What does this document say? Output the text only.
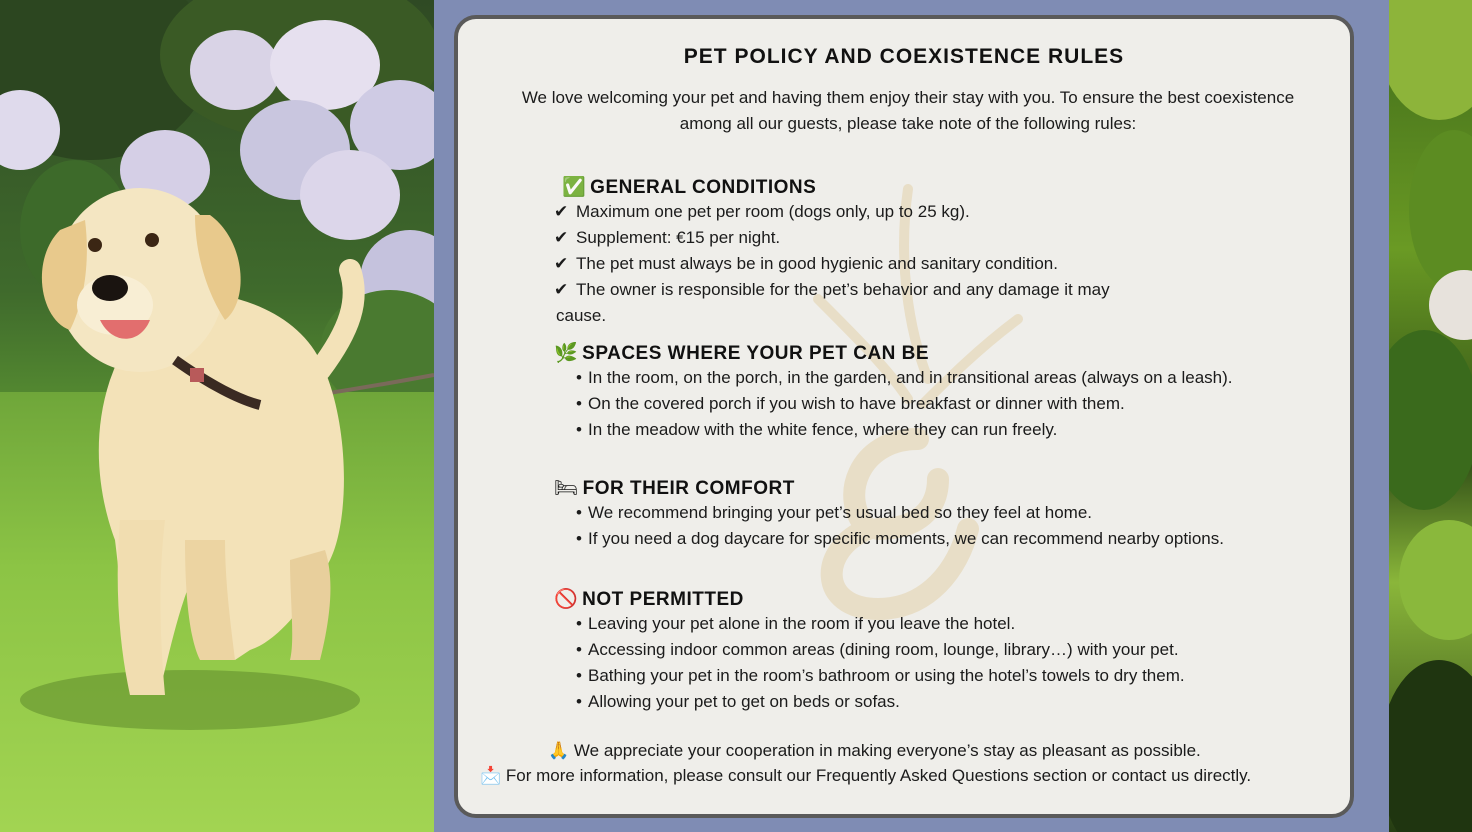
PET POLICY AND COEXISTENCE RULES
We love welcoming your pet and having them enjoy their stay with you. To ensure the best coexistence among all our guests, please take note of the following rules:
✅ GENERAL CONDITIONS
✔ Maximum one pet per room (dogs only, up to 25 kg).
✔ Supplement: €15 per night.
✔ The pet must always be in good hygienic and sanitary condition.
✔ The owner is responsible for the pet’s behavior and any damage it may
cause.
🌿 SPACES WHERE YOUR PET CAN BE
• In the room, on the porch, in the garden, and in transitional areas (always on a leash).
• On the covered porch if you wish to have breakfast or dinner with them.
• In the meadow with the white fence, where they can run freely.
🛏 FOR THEIR COMFORT
• We recommend bringing your pet’s usual bed so they feel at home.
• If you need a dog daycare for specific moments, we can recommend nearby options.
🚫 NOT PERMITTED
• Leaving your pet alone in the room if you leave the hotel.
• Accessing indoor common areas (dining room, lounge, library…) with your pet.
• Bathing your pet in the room’s bathroom or using the hotel’s towels to dry them.
• Allowing your pet to get on beds or sofas.
🙏 We appreciate your cooperation in making everyone’s stay as pleasant as possible.
📩 For more information, please consult our Frequently Asked Questions section or contact us directly.
